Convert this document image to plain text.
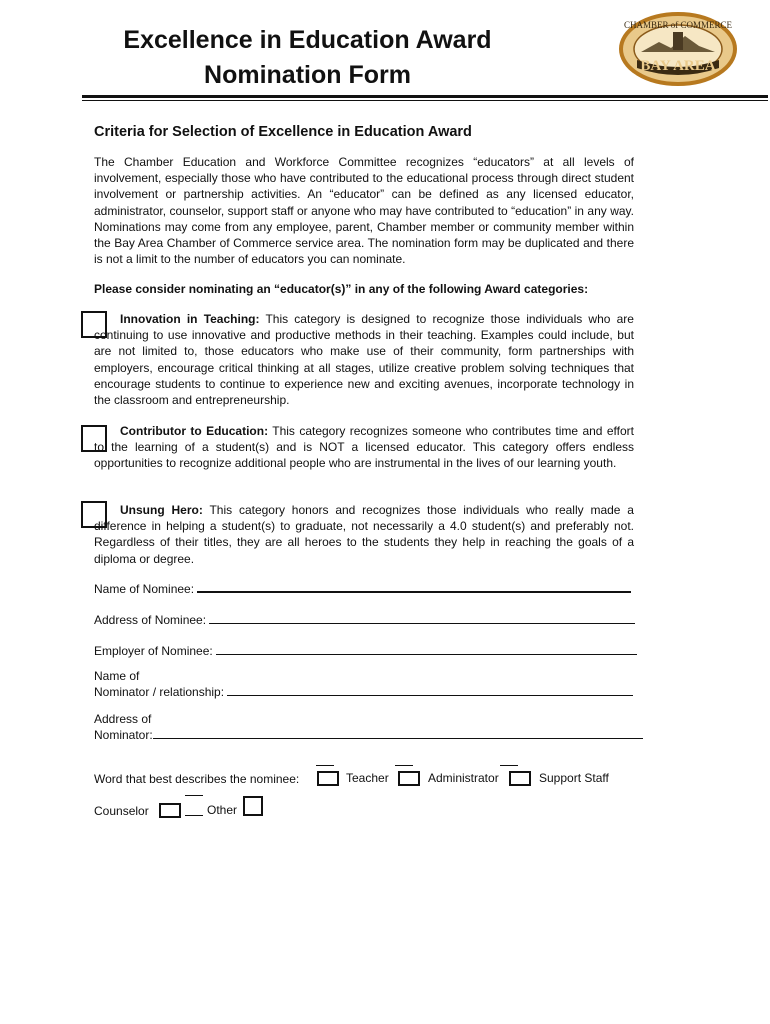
Excellence in Education Award
Nomination Form	BAY AREA
CHAMBER of COMMERCE
Criteria for Selection of Excellence in Education Award
The Chamber Education and Workforce Committee recognizes “educators” at all levels of involvement, especially those who have contributed to the educational process through direct student involvement or partnership activities. An “educator” can be defined as any licensed educator, administrator, counselor, support staff or anyone who may have contributed to “education” in any way. Nominations may come from any employee, parent, Chamber member or community member within the Bay Area Chamber of Commerce service area. The nomination form may be duplicated and there is not a limit to the number of educators you can nominate.
Please consider nominating an “educator(s)” in any of the following Award categories:
Innovation in Teaching: This category is designed to recognize those individuals who are continuing to use innovative and productive methods in their teaching. Examples could include, but are not limited to, those educators who make use of their community, form partnerships with employers, encourage critical thinking at all stages, utilize creative problem solving techniques that encourage students to continue to experience new and exciting avenues, incorporate technology in the classroom and entrepreneurship.
Contributor to Education: This category recognizes someone who contributes time and effort to the learning of a student(s) and is NOT a licensed educator. This category offers endless opportunities to recognize additional people who are instrumental in the lives of our learning youth.
Unsung Hero: This category honors and recognizes those individuals who really made a difference in helping a student(s) to graduate, not necessarily a 4.0 student(s) and preferably not. Regardless of their titles, they are all heroes to the students they help in reaching the goals of a diploma or degree.
Name of Nominee:
Address of Nominee:
Employer of Nominee:
Name of
Nominator / relationship:
Address of
Nominator:
Word that best describes the nominee:	Teacher	Administrator	Support Staff
Counselor	Other
